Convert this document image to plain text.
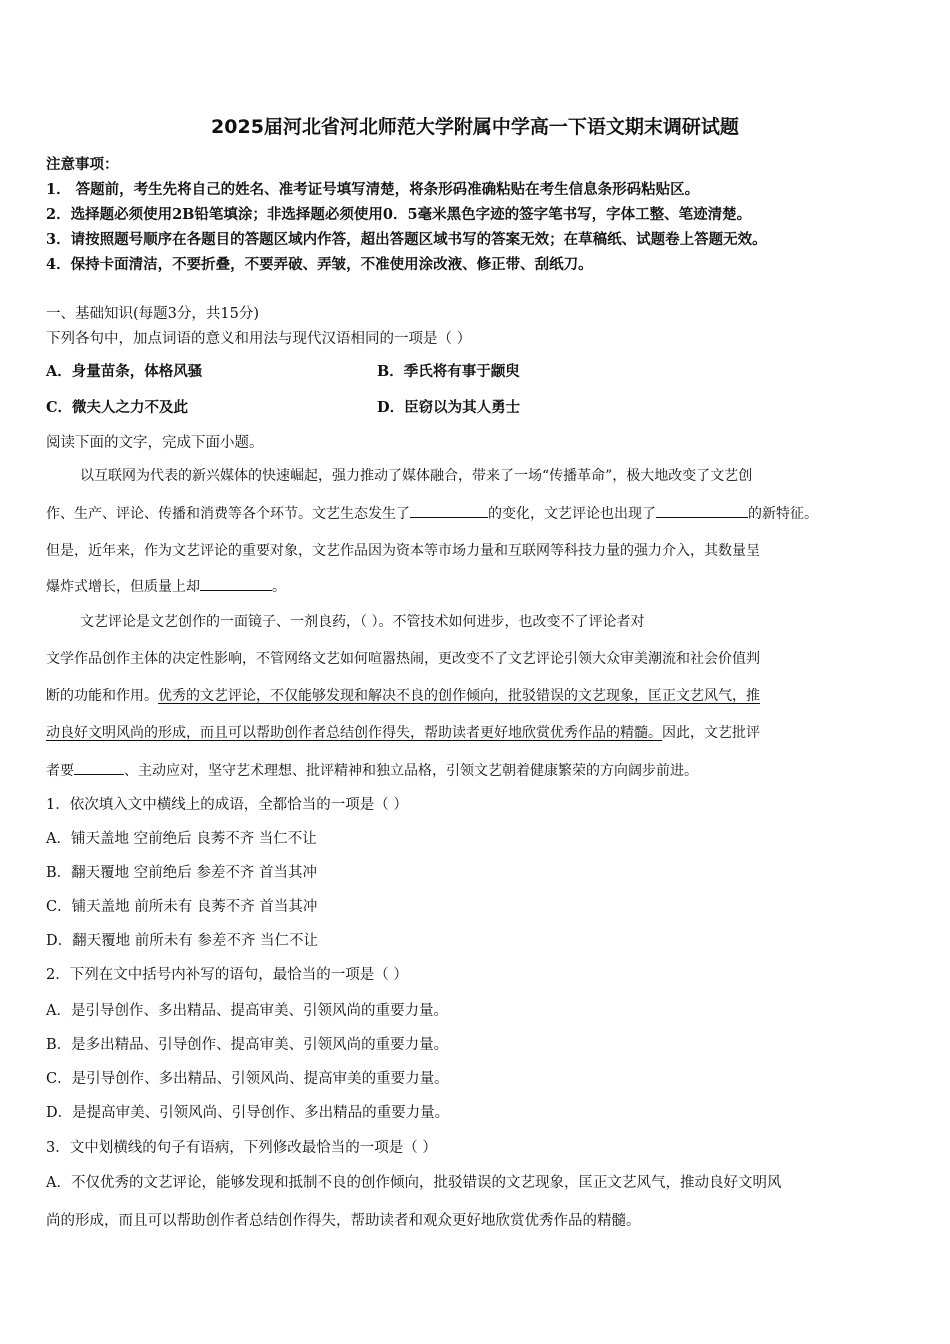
2025届河北省河北师范大学附属中学高一下语文期末调研试题
注意事项：
1． 答题前，考生先将自己的姓名、准考证号填写清楚，将条形码准确粘贴在考生信息条形码粘贴区。
2．选择题必须使用2B铅笔填涂；非选择题必须使用0．5毫米黑色字迹的签字笔书写，字体工整、笔迹清楚。
3．请按照题号顺序在各题目的答题区域内作答，超出答题区域书写的答案无效；在草稿纸、试题卷上答题无效。
4．保持卡面清洁，不要折叠，不要弄破、弄皱，不准使用涂改液、修正带、刮纸刀。
一、基础知识(每题3分，共15分)
下列各句中，加点词语的意义和用法与现代汉语相同的一项是（ ）
A．身量苗条，体格风骚	B．季氏将有事于颛臾
C．微夫人之力不及此	D．臣窃以为其人勇士
阅读下面的文字，完成下面小题。
以互联网为代表的新兴媒体的快速崛起，强力推动了媒体融合，带来了一场“传播革命”，极大地改变了文艺创
作、生产、评论、传播和消费等各个环节。文艺生态发生了	的变化，文艺评论也出现了	的新特征。
但是，近年来，作为文艺评论的重要对象，文艺作品因为资本等市场力量和互联网等科技力量的强力介入，其数量呈
爆炸式增长，但质量上却	。
文艺评论是文艺创作的一面镜子、一剂良药，（ ）。不管技术如何进步，也改变不了评论者对
文学作品创作主体的决定性影响，不管网络文艺如何喧嚣热闹，更改变不了文艺评论引领大众审美潮流和社会价值判
断的功能和作用。优秀的文艺评论，不仅能够发现和解决不良的创作倾向，批驳错误的文艺现象，匡正文艺风气，推
动良好文明风尚的形成，而且可以帮助创作者总结创作得失，帮助读者更好地欣赏优秀作品的精髓。因此，文艺批评
者要	、主动应对，坚守艺术理想、批评精神和独立品格，引领文艺朝着健康繁荣的方向阔步前进。
1．依次填入文中横线上的成语，全都恰当的一项是（ ）
A．铺天盖地 空前绝后 良莠不齐 当仁不让
B．翻天覆地 空前绝后 参差不齐 首当其冲
C．铺天盖地 前所未有 良莠不齐 首当其冲
D．翻天覆地 前所未有 参差不齐 当仁不让
2．下列在文中括号内补写的语句，最恰当的一项是（ ）
A．是引导创作、多出精品、提高审美、引领风尚的重要力量。
B．是多出精品、引导创作、提高审美、引领风尚的重要力量。
C．是引导创作、多出精品、引领风尚、提高审美的重要力量。
D．是提高审美、引领风尚、引导创作、多出精品的重要力量。
3．文中划横线的句子有语病，下列修改最恰当的一项是（ ）
A．不仅优秀的文艺评论，能够发现和抵制不良的创作倾向，批驳错误的文艺现象，匡正文艺风气，推动良好文明风
尚的形成，而且可以帮助创作者总结创作得失，帮助读者和观众更好地欣赏优秀作品的精髓。
